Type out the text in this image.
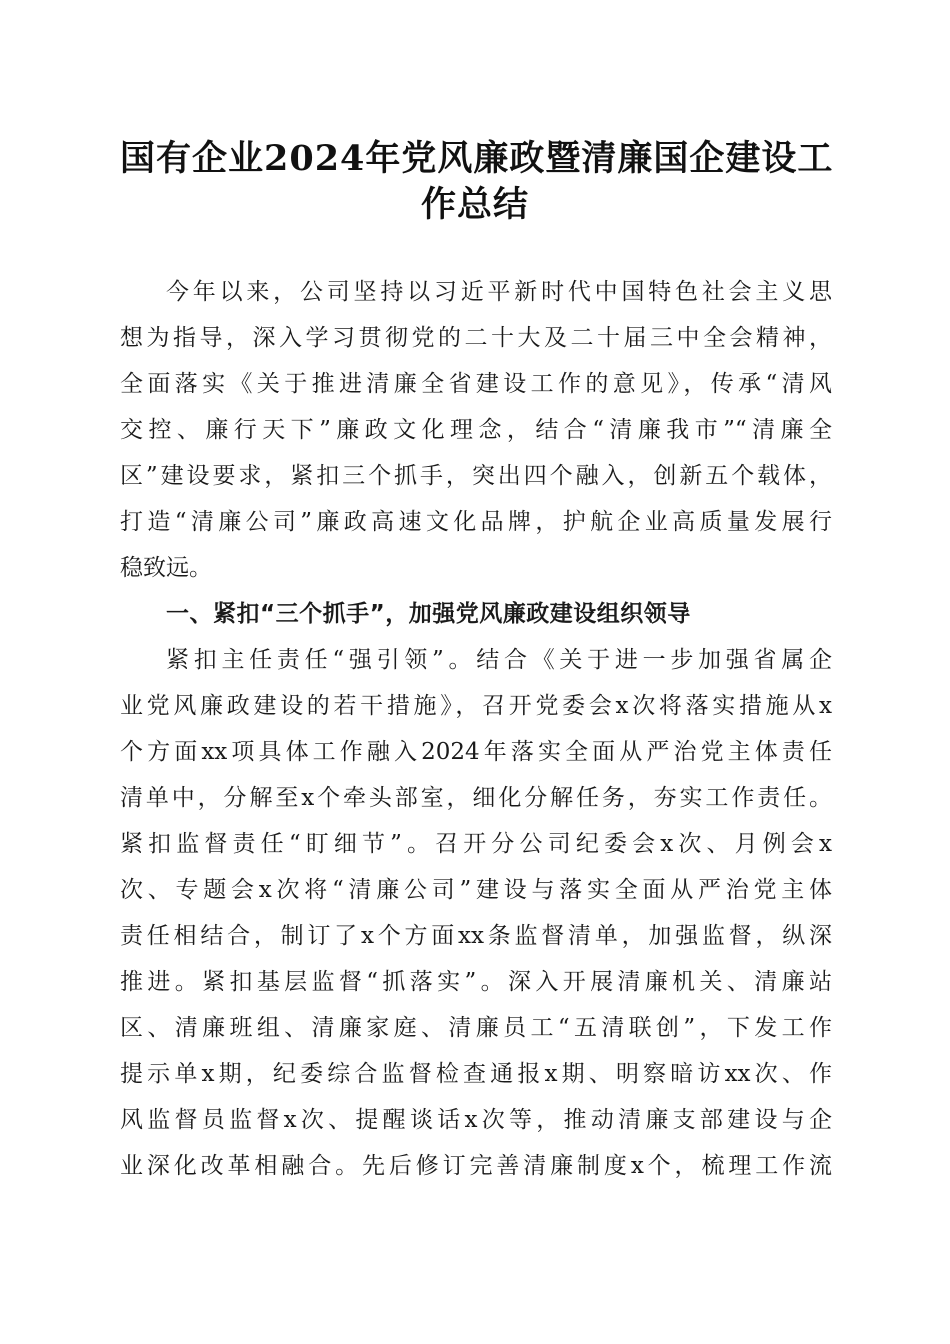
国有企业2024年党风廉政暨清廉国企建设工
作总结
今年以来，公司坚持以习近平新时代中国特色社会主义思
想为指导，深入学习贯彻党的二十大及二十届三中全会精神，
全面落实《关于推进清廉全省建设工作的意见》，传承“清风
交控、廉行天下”廉政文化理念，结合“清廉我市”“清廉全
区”建设要求，紧扣三个抓手，突出四个融入，创新五个载体，
打造“清廉公司”廉政高速文化品牌，护航企业高质量发展行
稳致远。
一、紧扣“三个抓手”，加强党风廉政建设组织领导
紧扣主任责任“强引领”。结合《关于进一步加强省属企
业党风廉政建设的若干措施》，召开党委会x次将落实措施从x
个方面xx项具体工作融入2024年落实全面从严治党主体责任
清单中，分解至x个牵头部室，细化分解任务，夯实工作责任。
紧扣监督责任“盯细节”。召开分公司纪委会x次、月例会x
次、专题会x次将“清廉公司”建设与落实全面从严治党主体
责任相结合，制订了x个方面xx条监督清单，加强监督，纵深
推进。紧扣基层监督“抓落实”。深入开展清廉机关、清廉站
区、清廉班组、清廉家庭、清廉员工“五清联创”，下发工作
提示单x期，纪委综合监督检查通报x期、明察暗访xx次、作
风监督员监督x次、提醒谈话x次等，推动清廉支部建设与企
业深化改革相融合。先后修订完善清廉制度x个，梳理工作流
